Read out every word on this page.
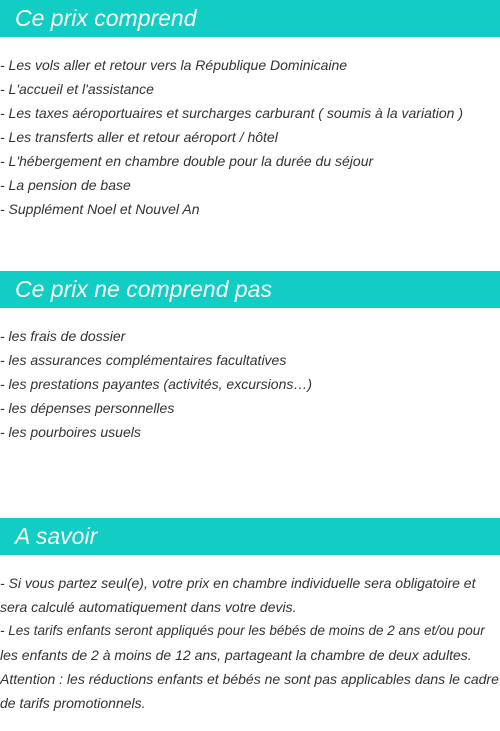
Ce prix comprend
- Les vols aller et retour vers la République Dominicaine
- L'accueil et l'assistance
- Les taxes aéroportuaires et surcharges carburant ( soumis à la variation )
- Les transferts aller et retour aéroport / hôtel
- L'hébergement en chambre double pour la durée du séjour
- La pension de base
- Supplément Noel et Nouvel An
Ce prix ne comprend pas
- les frais de dossier
- les assurances complémentaires facultatives
- les prestations payantes (activités, excursions…)
- les dépenses personnelles
- les pourboires usuels
A savoir
- Si vous partez seul(e), votre prix en chambre individuelle sera obligatoire et
sera calculé automatiquement dans votre devis.
- Les tarifs enfants seront appliqués pour les bébés de moins de 2 ans et/ou pour
les enfants de 2 à moins de 12 ans, partageant la chambre de deux adultes.
Attention : les réductions enfants et bébés ne sont pas applicables dans le cadre
de tarifs promotionnels.
